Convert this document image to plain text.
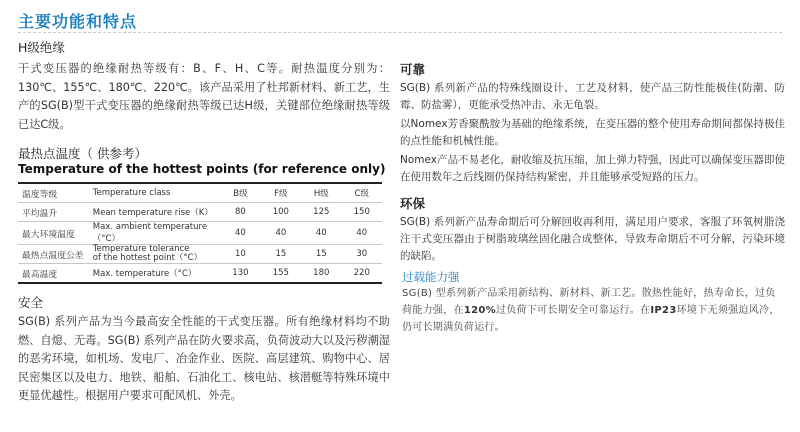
主要功能和特点
H级绝缘

干式变压器的绝缘耐热等级有：B、F、H、C等。耐热温度分别为：130℃、155℃、180℃、220℃。该产品采用了杜邦新材料、新工艺，生产的SG(B)型干式变压器的绝缘耐热等级已达H级，关键部位绝缘耐热等级已达C级。

最热点温度（ 供参考）
Temperature of the hottest points (for reference only)
温度等级	Temperature class	B级	F级	H级	C级
平均温升	Mean temperature rise（K）	80	100	125	150
最大环境温度	Max. ambient temperature（°C）	40	40	40	40
最热点温度公差	Temperature tolerance
of the hottest point（°C）	10	15	15	30
最高温度	Max. temperature（°C）	130	155	180	220
安全

SG(B) 系列产品为当今最高安全性能的干式变压器。所有绝缘材料均不助燃、自熄、无毒。SG(B) 系列产品在防火要求高，负荷波动大以及污秽潮湿的恶劣环境，如机场、发电厂、冶金作业、医院、高层建筑、购物中心、居民密集区以及电力、地铁、船舶、石油化工、核电站、核潜艇等特殊环境中更显优越性。根据用户要求可配风机、外壳。

可靠

SG(B) 系列新产品的特殊线圈设计、工艺及材料，使产品三防性能极佳(防潮、防霉、防盐雾），更能承受热冲击、永无龟裂。

以Nomex芳香聚酰胺为基础的绝缘系统，在变压器的整个使用寿命期间都保持极佳的点性能和机械性能。

Nomex产品不易老化，耐收缩及抗压缩，加上弹力特强，因此可以确保变压器即使在使用数年之后线圈仍保持结构紧密，并且能够承受短路的压力。

环保

SG(B) 系列新产品寿命期后可分解回收再利用，满足用户要求，客服了环氧树脂浇注干式变压器由于树脂玻璃丝固化融合成整体，导致寿命期后不可分解，污染环境的缺陷。

过载能力强
SG(B) 型系列新产品采用新结构、新材料、新工艺。散热性能好，热寿命长，过负荷能力强，在120%过负荷下可长期安全可靠运行。在IP23环境下无须强迫风冷，仍可长期满负荷运行。
